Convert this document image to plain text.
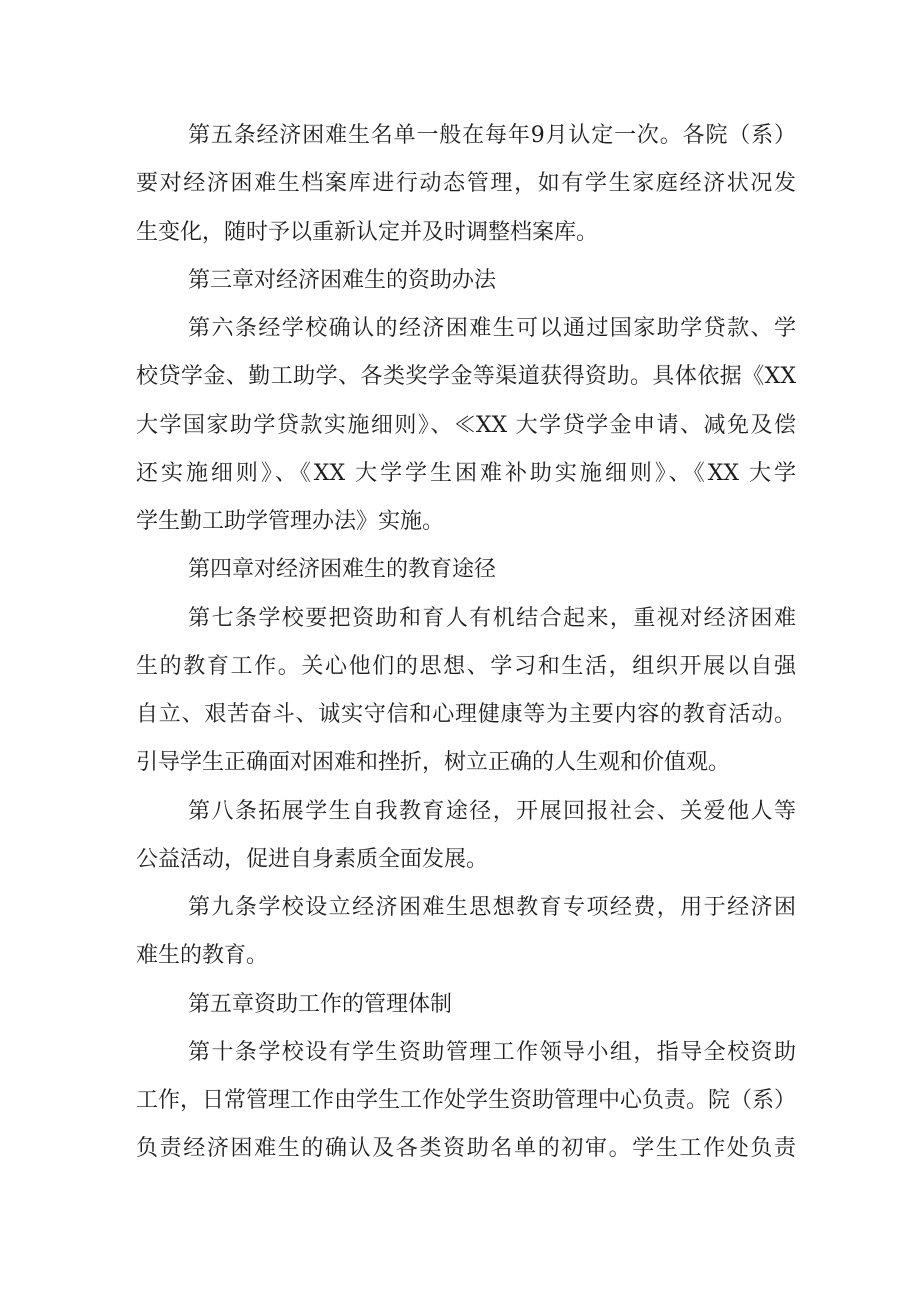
第五条经济困难生名单一般在每年9月认定一次。各院（系）
要对经济困难生档案库进行动态管理，如有学生家庭经济状况发
生变化，随时予以重新认定并及时调整档案库。
第三章对经济困难生的资助办法
第六条经学校确认的经济困难生可以通过国家助学贷款、学
校贷学金、勤工助学、各类奖学金等渠道获得资助。具体依据《XX
大学国家助学贷款实施细则》、≪XX 大学贷学金申请、减免及偿
还实施细则》、《XX 大学学生困难补助实施细则》、《XX 大学
学生勤工助学管理办法》实施。
第四章对经济困难生的教育途径
第七条学校要把资助和育人有机结合起来，重视对经济困难
生的教育工作。关心他们的思想、学习和生活，组织开展以自强
自立、艰苦奋斗、诚实守信和心理健康等为主要内容的教育活动。
引导学生正确面对困难和挫折，树立正确的人生观和价值观。
第八条拓展学生自我教育途径，开展回报社会、关爱他人等
公益活动，促进自身素质全面发展。
第九条学校设立经济困难生思想教育专项经费，用于经济困
难生的教育。
第五章资助工作的管理体制
第十条学校设有学生资助管理工作领导小组，指导全校资助
工作，日常管理工作由学生工作处学生资助管理中心负责。院（系）
负责经济困难生的确认及各类资助名单的初审。学生工作处负责
